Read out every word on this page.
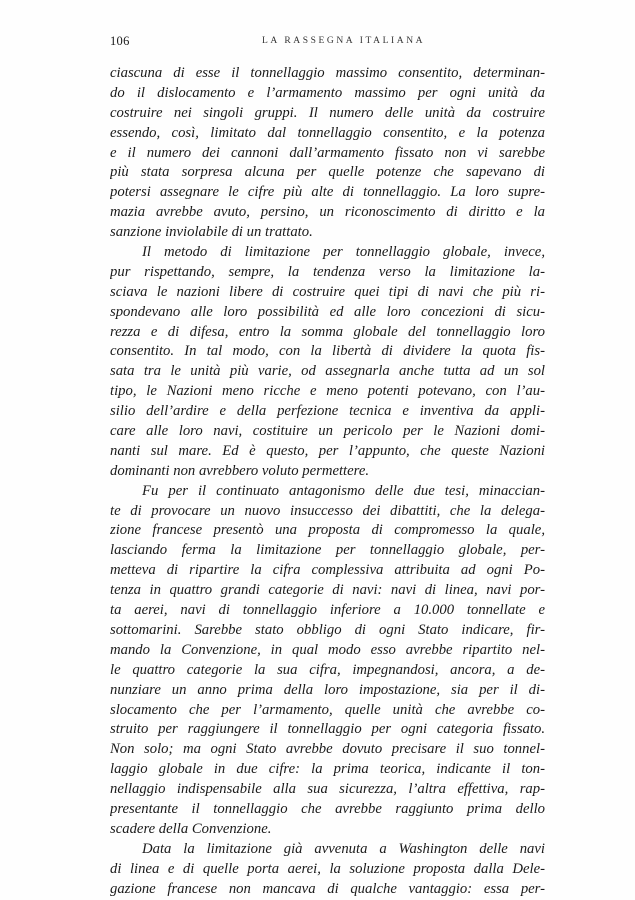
106	LA RASSEGNA ITALIANA
ciascuna di esse il tonnellaggio massimo consentito, determinan-
do il dislocamento e l’armamento massimo per ogni unità da
costruire nei singoli gruppi. Il numero delle unità da costruire
essendo, così, limitato dal tonnellaggio consentito, e la potenza
e il numero dei cannoni dall’armamento fissato non vi sarebbe
più stata sorpresa alcuna per quelle potenze che sapevano di
potersi assegnare le cifre più alte di tonnellaggio. La loro supre-
mazia avrebbe avuto, persino, un riconoscimento di diritto e la
sanzione inviolabile di un trattato.
Il metodo di limitazione per tonnellaggio globale, invece,
pur rispettando, sempre, la tendenza verso la limitazione la-
sciava le nazioni libere di costruire quei tipi di navi che più ri-
spondevano alle loro possibilità ed alle loro concezioni di sicu-
rezza e di difesa, entro la somma globale del tonnellaggio loro
consentito. In tal modo, con la libertà di dividere la quota fis-
sata tra le unità più varie, od assegnarla anche tutta ad un sol
tipo, le Nazioni meno ricche e meno potenti potevano, con l’au-
silio dell’ardire e della perfezione tecnica e inventiva da appli-
care alle loro navi, costituire un pericolo per le Nazioni domi-
nanti sul mare. Ed è questo, per l’appunto, che queste Nazioni
dominanti non avrebbero voluto permettere.
Fu per il continuato antagonismo delle due tesi, minaccian-
te di provocare un nuovo insuccesso dei dibattiti, che la delega-
zione francese presentò una proposta di compromesso la quale,
lasciando ferma la limitazione per tonnellaggio globale, per-
metteva di ripartire la cifra complessiva attribuita ad ogni Po-
tenza in quattro grandi categorie di navi: navi di linea, navi por-
ta aerei, navi di tonnellaggio inferiore a 10.000 tonnellate e
sottomarini. Sarebbe stato obbligo di ogni Stato indicare, fir-
mando la Convenzione, in qual modo esso avrebbe ripartito nel-
le quattro categorie la sua cifra, impegnandosi, ancora, a de-
nunziare un anno prima della loro impostazione, sia per il di-
slocamento che per l’armamento, quelle unità che avrebbe co-
struito per raggiungere il tonnellaggio per ogni categoria fissato.
Non solo; ma ogni Stato avrebbe dovuto precisare il suo tonnel-
laggio globale in due cifre: la prima teorica, indicante il ton-
nellaggio indispensabile alla sua sicurezza, l’altra effettiva, rap-
presentante il tonnellaggio che avrebbe raggiunto prima dello
scadere della Convenzione.
Data la limitazione già avvenuta a Washington delle navi
di linea e di quelle porta aerei, la soluzione proposta dalla Dele-
gazione francese non mancava di qualche vantaggio: essa per-
